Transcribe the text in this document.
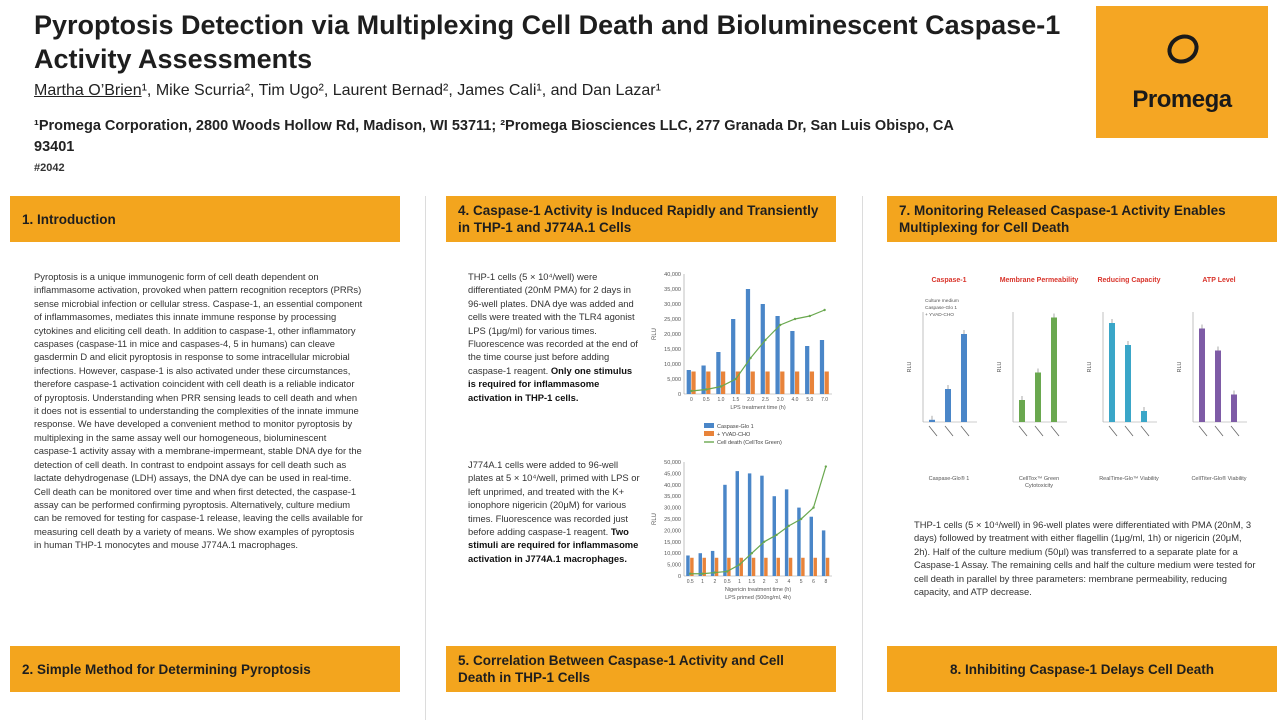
Pyroptosis Detection via Multiplexing Cell Death and Bioluminescent Caspase-1 Activity Assessments
Martha O’Brien¹, Mike Scurria², Tim Ugo², Laurent Bernad², James Cali¹, and Dan Lazar¹
¹Promega Corporation, 2800 Woods Hollow Rd, Madison, WI 53711; ²Promega Biosciences LLC, 277 Granada Dr, San Luis Obispo, CA 93401
#2042
Promega
1. Introduction
Pyroptosis is a unique immunogenic form of cell death dependent on inflammasome activation, provoked when pattern recognition receptors (PRRs) sense microbial infection or cellular stress. Caspase-1, an essential component of inflammasomes, mediates this innate immune response by processing cytokines and eliciting cell death. In addition to caspase-1, other inflammatory caspases (caspase-11 in mice and caspases-4, 5 in humans) can cleave gasdermin D and elicit pyroptosis in response to some intracellular microbial infections. However, caspase-1 is also activated under these circumstances, therefore caspase-1 activation coincident with cell death is a reliable indicator of pyroptosis. Understanding when PRR sensing leads to cell death and when it does not is essential to understanding the complexities of the innate immune response. We have developed a convenient method to monitor pyroptosis by multiplexing in the same assay well our homogeneous, bioluminescent caspase-1 activity assay with a membrane-impermeant, stable DNA dye for the detection of cell death. In contrast to endpoint assays for cell death such as lactate dehydrogenase (LDH) assays, the DNA dye can be used in real-time. Cell death can be monitored over time and when first detected, the caspase-1 assay can be performed confirming pyroptosis. Alternatively, culture medium can be removed for testing for caspase-1 release, leaving the cells available for measuring cell death by a variety of means. We show examples of pyroptosis in human THP-1 monocytes and mouse J774A.1 macrophages.
2. Simple Method for Determining Pyroptosis
4. Caspase-1 Activity is Induced Rapidly and Transiently in THP-1 and J774A.1 Cells
THP-1 cells (5 × 10⁴/well) were differentiated (20nM PMA) for 2 days in 96-well plates. DNA dye was added and cells were treated with the TLR4 agonist LPS (1μg/ml) for various times. Fluorescence was recorded at the end of the time course just before adding caspase-1 reagent. Only one stimulus is required for inflammasome activation in THP-1 cells.	0
5,000
10,000
15,000
20,000
25,000
30,000
35,000
40,000
RLU
0 0.5 1.0 1.5 2.0 2.5 3.0 4.0 5.0 7.0
LPS treatment time (h)
Caspase-Glo 1
+ YVAD-CHO
Cell death (CellTox Green)
J774A.1 cells were added to 96-well plates at 5 × 10⁴/well, primed with LPS or left unprimed, and treated with the K+ ionophore nigericin (20μM) for various times. Fluorescence was recorded just before adding caspase-1 reagent. Two stimuli are required for inflammasome activation in J774A.1 macrophages.
0
5,000
10,000
15,000
20,000
25,000
30,000
35,000
40,000
45,000
50,000
RLU
0.5 1 2 0.5 1 1.5 2 3 4 5 6 8
Nigericin treatment time (h)
LPS primed (500ng/ml, 4h)
5. Correlation Between Caspase-1 Activity and Cell Death in THP-1 Cells
7. Monitoring Released Caspase-1 Activity Enables Multiplexing for Cell Death
Caspase-1
RLU
Culture medium
Caspase-Glo 1
+ YVAD-CHO
Caspase-Glo® 1
Membrane Permeability
RLU
CellTox™ Green
Cytotoxicity
Reducing Capacity
RLU
RealTime-Glo™ Viability
ATP Level
RLU
CellTiter-Glo® Viability
THP-1 cells (5 × 10⁴/well) in 96-well plates were differentiated with PMA (20nM, 3 days) followed by treatment with either flagellin (1μg/ml, 1h) or nigericin (20μM, 2h). Half of the culture medium (50μl) was transferred to a separate plate for a Caspase-1 Assay. The remaining cells and half the culture medium were tested for cell death in parallel by three parameters: membrane permeability, reducing capacity, and ATP decrease.
8. Inhibiting Caspase-1 Delays Cell Death
